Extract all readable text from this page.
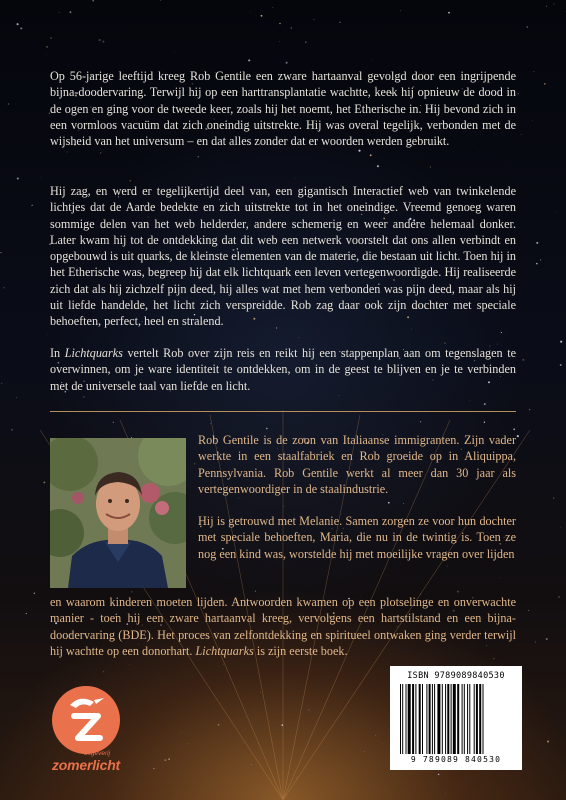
Op 56-jarige leeftijd kreeg Rob Gentile een zware hartaanval gevolgd door een ingrijpende bijna-doodervaring. Terwijl hij op een harttransplantatie wachtte, keek hij opnieuw de dood in de ogen en ging voor de tweede keer, zoals hij het noemt, het Etherische in. Hij bevond zich in een vormloos vacuüm dat zich oneindig uitstrekte. Hij was overal tegelijk, verbonden met de wijsheid van het universum – en dat alles zonder dat er woorden werden gebruikt.

Hij zag, en werd er tegelijkertijd deel van, een gigantisch Interactief web van twinkelende lichtjes dat de Aarde bedekte en zich uitstrekte tot in het oneindige. Vreemd genoeg waren sommige delen van het web helderder, andere schemerig en weer andere helemaal donker. Later kwam hij tot de ontdekking dat dit web een netwerk voorstelt dat ons allen verbindt en opgebouwd is uit quarks, de kleinste elementen van de materie, die bestaan uit licht. Toen hij in het Etherische was, begreep hij dat elk lichtquark een leven vertegenwoordigde. Hij realiseerde zich dat als hij zichzelf pijn deed, hij alles wat met hem verbonden was pijn deed, maar als hij uit liefde handelde, het licht zich verspreidde. Rob zag daar ook zijn dochter met speciale behoeften, perfect, heel en stralend.

In Lichtquarks vertelt Rob over zijn reis en reikt hij een stappenplan aan om tegenslagen te overwinnen, om je ware identiteit te ontdekken, om in de geest te blijven en je te verbinden met de universele taal van liefde en licht.

Rob Gentile is de zoon van Italiaanse immigranten. Zijn vader werkte in een staalfabriek en Rob groeide op in Aliquippa, Pennsylvania. Rob Gentile werkt al meer dan 30 jaar als vertegenwoordiger in de staalindustrie.

Hij is getrouwd met Melanie. Samen zorgen ze voor hun dochter met speciale behoeften, Maria, die nu in de twintig is. Toen ze nog een kind was, worstelde hij met moeilijke vragen over lijden

en waarom kinderen moeten lijden. Antwoorden kwamen op een plotselinge en onverwachte manier - toen hij een zware hartaanval kreeg, vervolgens een hartstilstand en een bijna-doodervaring (BDE). Het proces van zelfontdekking en spiritueel ontwaken ging verder terwijl hij wachtte op een donorhart. Lichtquarks is zijn eerste boek.

ISBN 9789089840530
9 789089 840530

uitgeverij

zomerlicht
